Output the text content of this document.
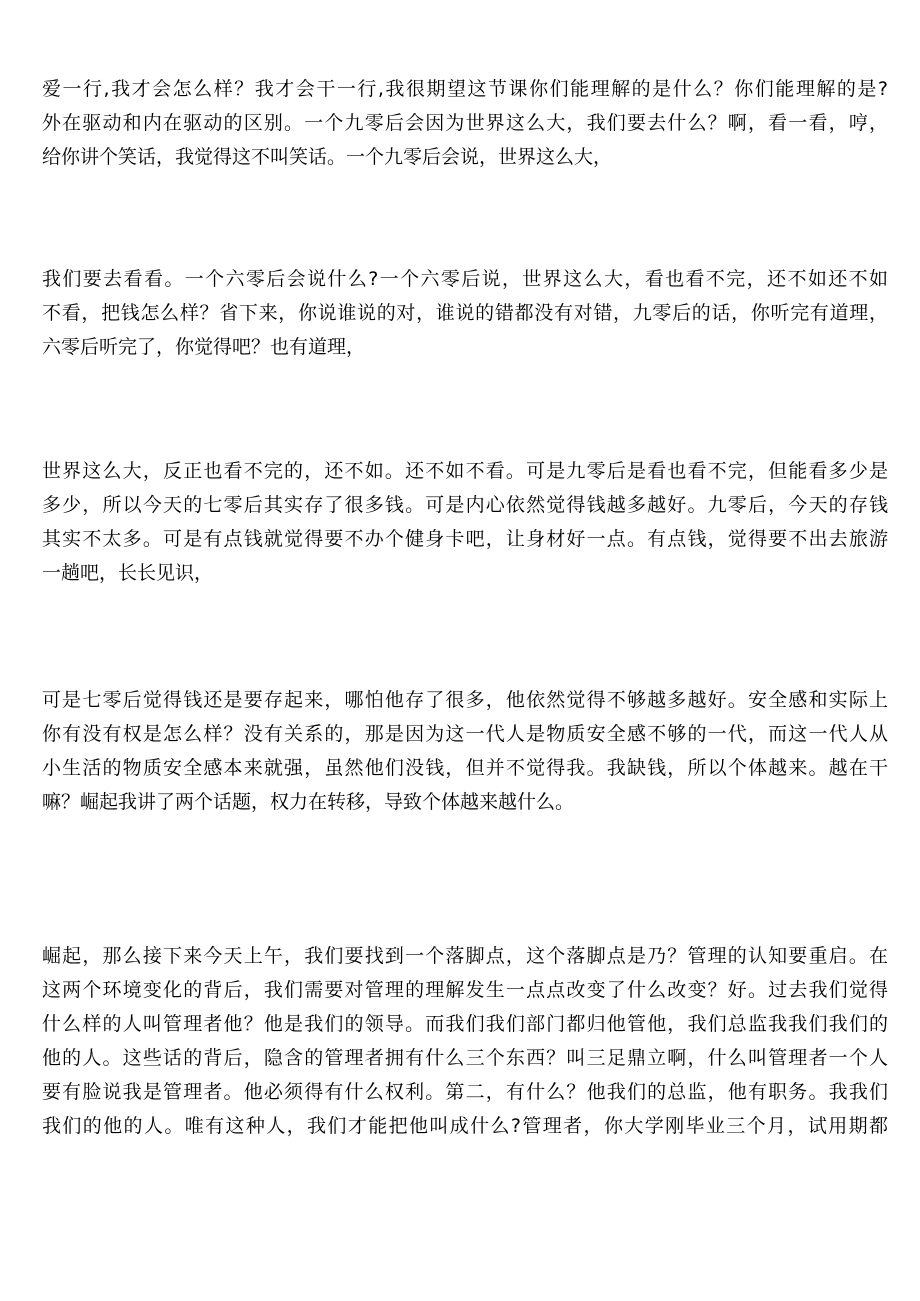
爱一行,我才会怎么样？我才会干一行,我很期望这节课你们能理解的是什么？你们能理解的是?
外在驱动和内在驱动的区别。一个九零后会因为世界这么大，我们要去什么？啊，看一看，哼，
给你讲个笑话，我觉得这不叫笑话。一个九零后会说，世界这么大，
我们要去看看。一个六零后会说什么?一个六零后说，世界这么大，看也看不完，还不如还不如
不看，把钱怎么样？省下来，你说谁说的对，谁说的错都没有对错，九零后的话，你听完有道理，
六零后听完了，你觉得吧？也有道理，
世界这么大，反正也看不完的，还不如。还不如不看。可是九零后是看也看不完，但能看多少是
多少，所以今天的七零后其实存了很多钱。可是内心依然觉得钱越多越好。九零后，今天的存钱
其实不太多。可是有点钱就觉得要不办个健身卡吧，让身材好一点。有点钱，觉得要不出去旅游
一趟吧，长长见识，
可是七零后觉得钱还是要存起来，哪怕他存了很多，他依然觉得不够越多越好。安全感和实际上
你有没有权是怎么样？没有关系的，那是因为这一代人是物质安全感不够的一代，而这一代人从
小生活的物质安全感本来就强，虽然他们没钱，但并不觉得我。我缺钱，所以个体越来。越在干
嘛？崛起我讲了两个话题，权力在转移，导致个体越来越什么。
崛起，那么接下来今天上午，我们要找到一个落脚点，这个落脚点是乃？管理的认知要重启。在
这两个环境变化的背后，我们需要对管理的理解发生一点点改变了什么改变？好。过去我们觉得
什么样的人叫管理者他？他是我们的领导。而我们我们部门都归他管他，我们总监我我们我们的
他的人。这些话的背后，隐含的管理者拥有什么三个东西？叫三足鼎立啊，什么叫管理者一个人
要有脸说我是管理者。他必须得有什么权利。第二，有什么？他我们的总监，他有职务。我我们
我们的他的人。唯有这种人，我们才能把他叫成什么?管理者，你大学刚毕业三个月，试用期都
